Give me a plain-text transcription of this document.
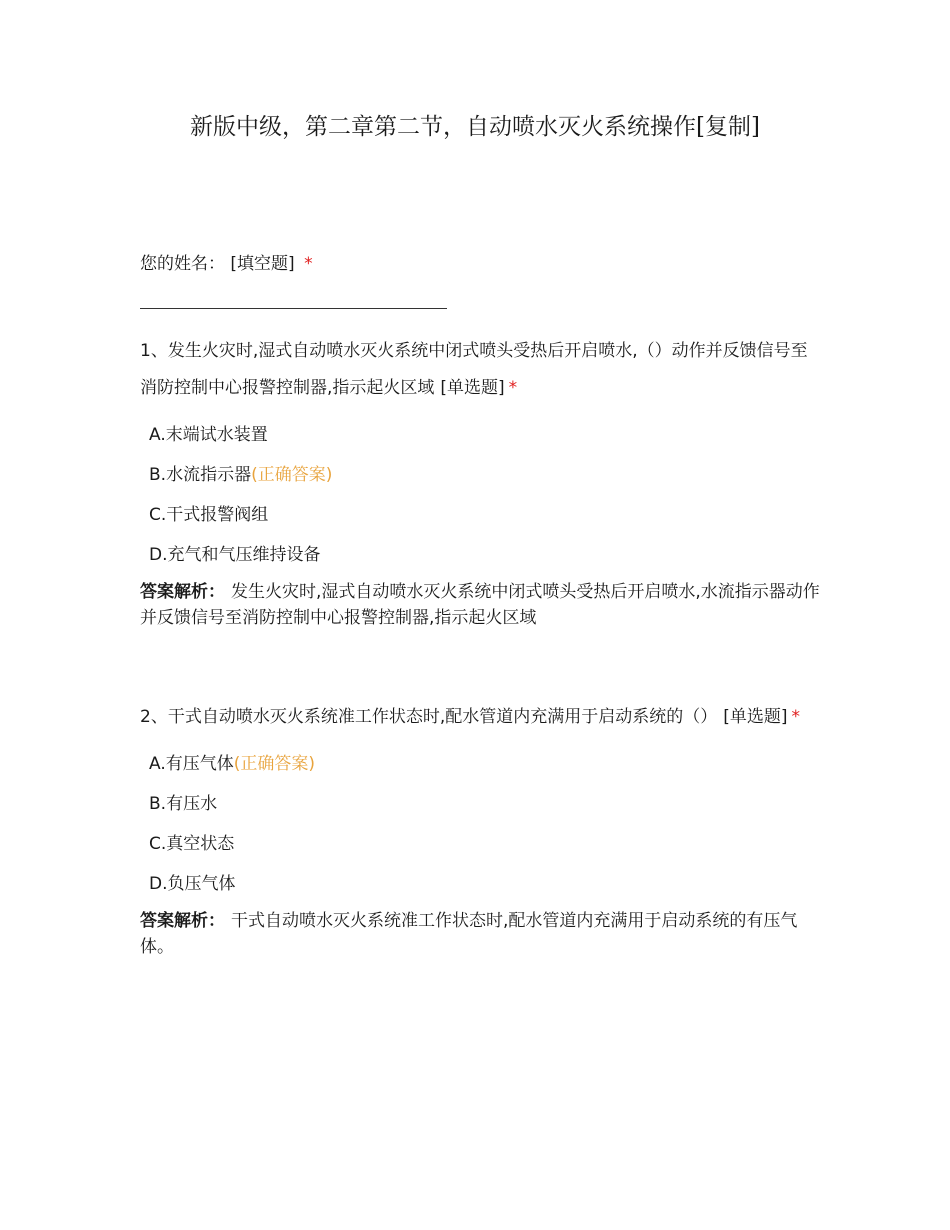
新版中级，第二章第二节，自动喷水灭火系统操作[复制]
您的姓名： [填空题] *
1、发生火灾时,湿式自动喷水灭火系统中闭式喷头受热后开启喷水,（）动作并反馈信号至消防控制中心报警控制器,指示起火区域 [单选题] *
A.末端试水装置
B.水流指示器(正确答案)
C.干式报警阀组
D.充气和气压维持设备
答案解析： 发生火灾时,湿式自动喷水灭火系统中闭式喷头受热后开启喷水,水流指示器动作并反馈信号至消防控制中心报警控制器,指示起火区域
2、干式自动喷水灭火系统准工作状态时,配水管道内充满用于启动系统的（） [单选题] *
A.有压气体(正确答案)
B.有压水
C.真空状态
D.负压气体
答案解析： 干式自动喷水灭火系统准工作状态时,配水管道内充满用于启动系统的有压气体。
